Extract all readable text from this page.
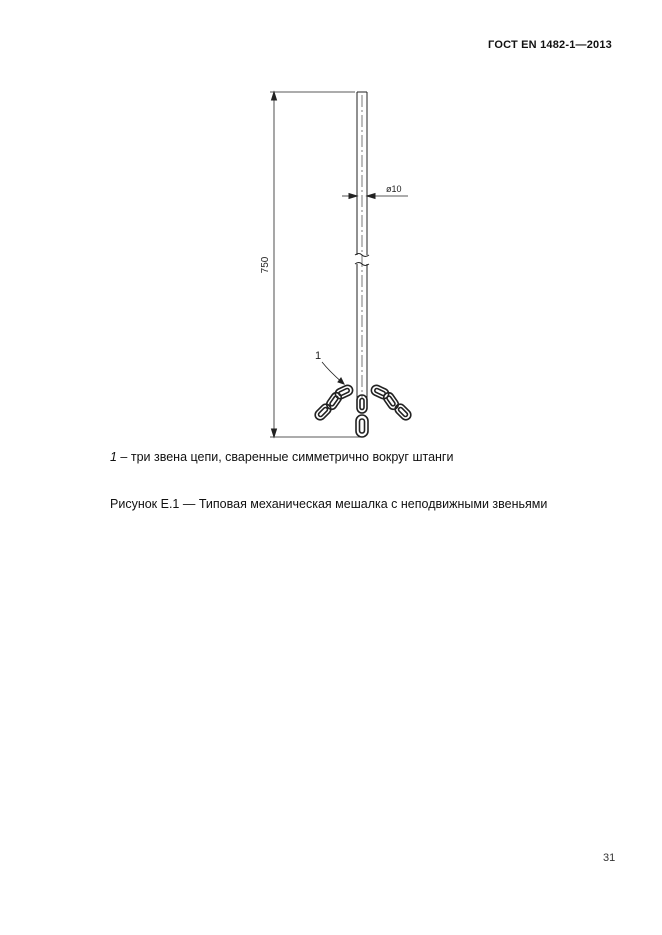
ГОСТ EN 1482-1—2013
750
ø10
1
1 – три звена цепи, сваренные симметрично вокруг штанги
Рисунок Е.1 — Типовая механическая мешалка с неподвижными звеньями
31
